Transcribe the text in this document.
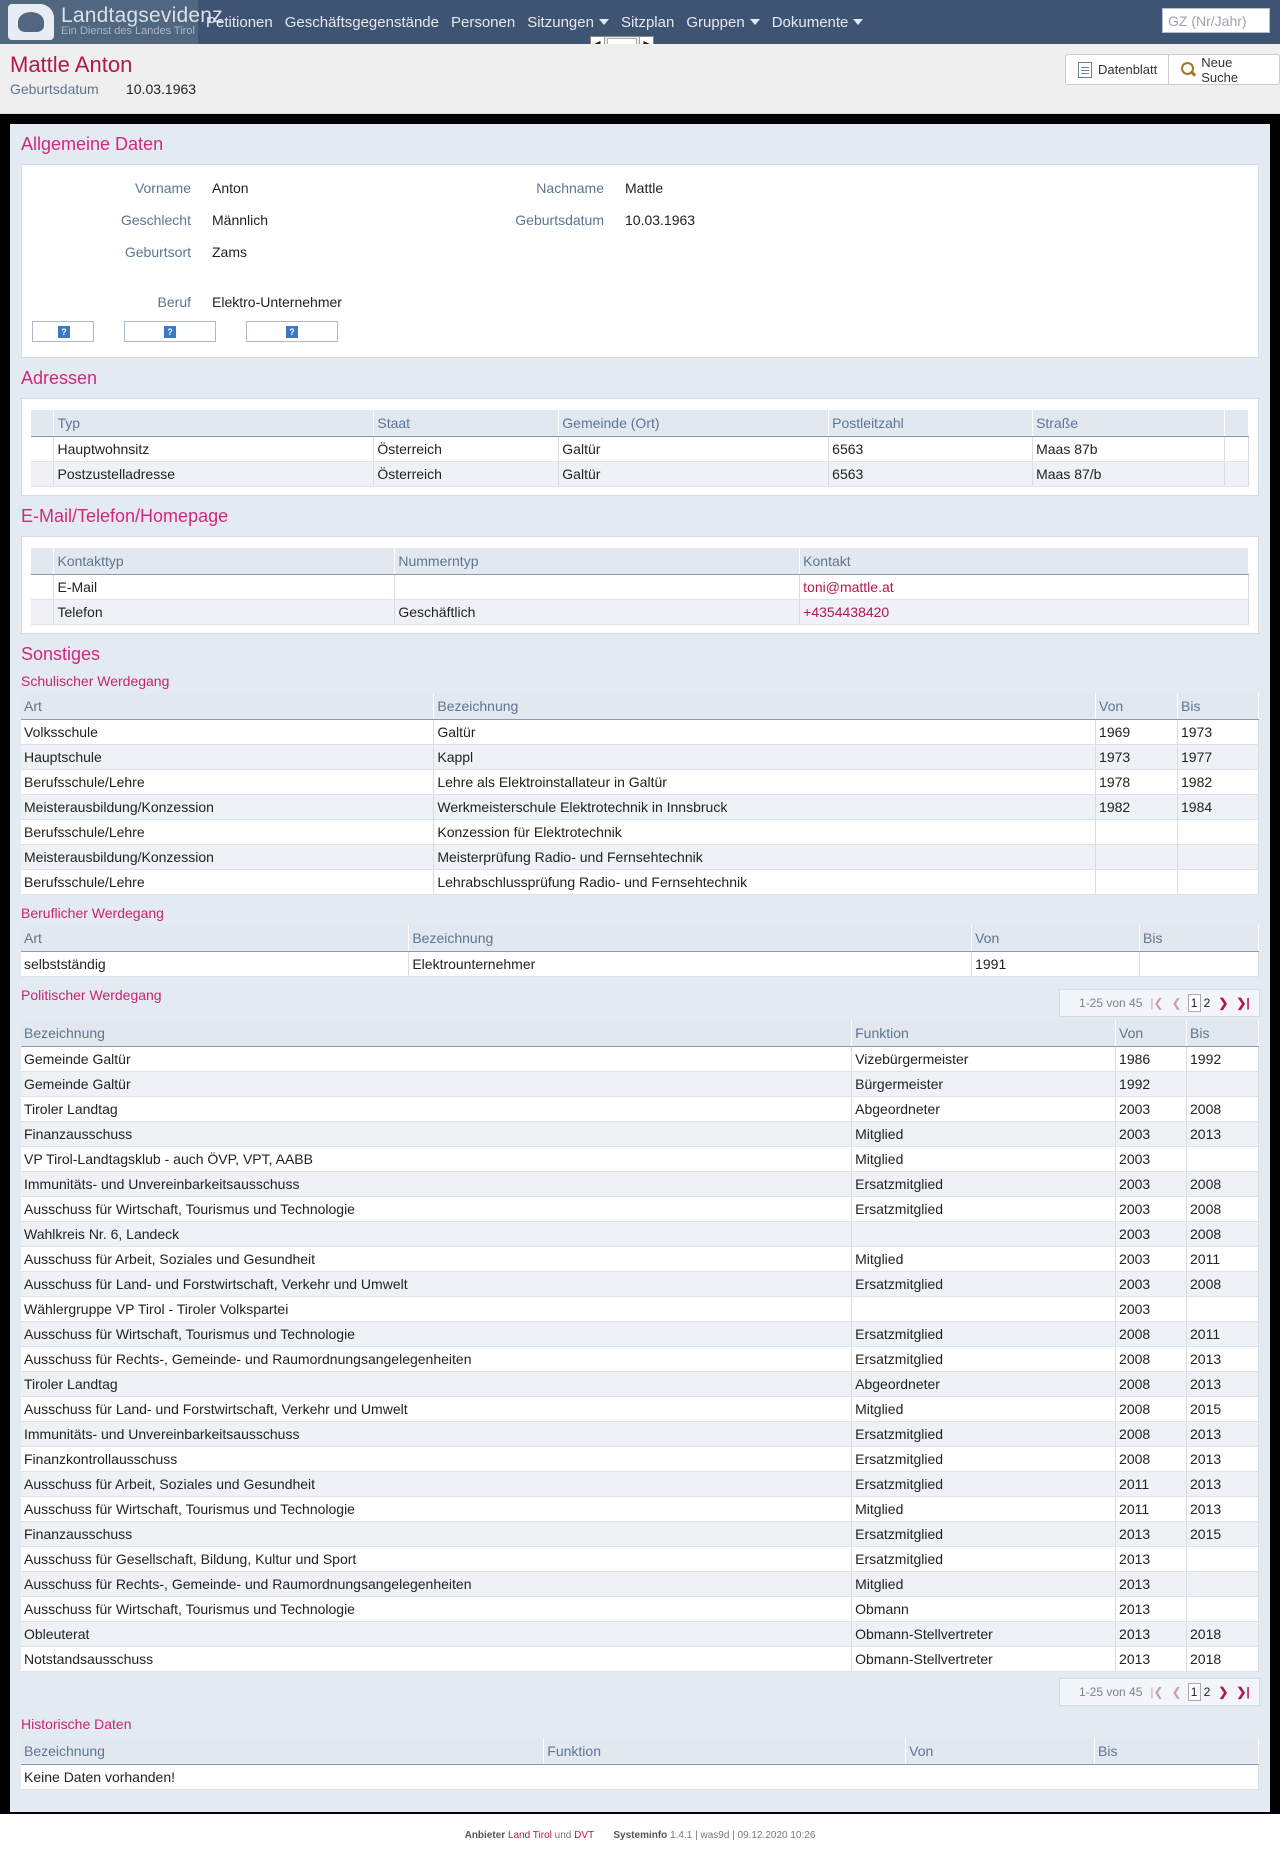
Landtagsevidenz
Ein Dienst des Landes Tirol
Petitionen Geschäftsgegenstände Personen Sitzungen Sitzplan Gruppen Dokumente
GZ (Nr/Jahr)
Mattle Anton
Geburtsdatum 10.03.1963
Datenblatt	Neue Suche
Allgemeine Daten
Vorname Anton	Nachname Mattle
Geschlecht Männlich	Geburtsdatum 10.03.1963
Geburtsort Zams
Beruf Elektro-Unternehmer
?	?	?
Adressen
	Typ	Staat	Gemeinde (Ort)	Postleitzahl	Straße	
	Hauptwohnsitz	Österreich	Galtür	6563	Maas 87b	
	Postzustelladresse	Österreich	Galtür	6563	Maas 87/b	
E-Mail/Telefon/Homepage
	Kontakttyp	Nummerntyp	Kontakt
	E-Mail		toni@mattle.at
	Telefon	Geschäftlich	+4354438420
Sonstiges
Schulischer Werdegang
Art	Bezeichnung	Von	Bis
Volksschule	Galtür	1969	1973
Hauptschule	Kappl	1973	1977
Berufsschule/Lehre	Lehre als Elektroinstallateur in Galtür	1978	1982
Meisterausbildung/Konzession	Werkmeisterschule Elektrotechnik in Innsbruck	1982	1984
Berufsschule/Lehre	Konzession für Elektrotechnik		
Meisterausbildung/Konzession	Meisterprüfung Radio- und Fernsehtechnik		
Berufsschule/Lehre	Lehrabschlussprüfung Radio- und Fernsehtechnik		
Beruflicher Werdegang
Art	Bezeichnung	Von	Bis
selbstständig	Elektrounternehmer	1991	
Politischer Werdegang	1-25 von 45 |❮ ❮ 1 2 ❯ ❯|
Bezeichnung	Funktion	Von	Bis
Gemeinde Galtür	Vizebürgermeister	1986	1992
Gemeinde Galtür	Bürgermeister	1992	
Tiroler Landtag	Abgeordneter	2003	2008
Finanzausschuss	Mitglied	2003	2013
VP Tirol-Landtagsklub - auch ÖVP, VPT, AABB	Mitglied	2003	
Immunitäts- und Unvereinbarkeitsausschuss	Ersatzmitglied	2003	2008
Ausschuss für Wirtschaft, Tourismus und Technologie	Ersatzmitglied	2003	2008
Wahlkreis Nr. 6, Landeck		2003	2008
Ausschuss für Arbeit, Soziales und Gesundheit	Mitglied	2003	2011
Ausschuss für Land- und Forstwirtschaft, Verkehr und Umwelt	Ersatzmitglied	2003	2008
Wählergruppe VP Tirol - Tiroler Volkspartei		2003	
Ausschuss für Wirtschaft, Tourismus und Technologie	Ersatzmitglied	2008	2011
Ausschuss für Rechts-, Gemeinde- und Raumordnungsangelegenheiten	Ersatzmitglied	2008	2013
Tiroler Landtag	Abgeordneter	2008	2013
Ausschuss für Land- und Forstwirtschaft, Verkehr und Umwelt	Mitglied	2008	2015
Immunitäts- und Unvereinbarkeitsausschuss	Ersatzmitglied	2008	2013
Finanzkontrollausschuss	Ersatzmitglied	2008	2013
Ausschuss für Arbeit, Soziales und Gesundheit	Ersatzmitglied	2011	2013
Ausschuss für Wirtschaft, Tourismus und Technologie	Mitglied	2011	2013
Finanzausschuss	Ersatzmitglied	2013	2015
Ausschuss für Gesellschaft, Bildung, Kultur und Sport	Ersatzmitglied	2013	
Ausschuss für Rechts-, Gemeinde- und Raumordnungsangelegenheiten	Mitglied	2013	
Ausschuss für Wirtschaft, Tourismus und Technologie	Obmann	2013	
Obleuterat	Obmann-Stellvertreter	2013	2018
Notstandsausschuss	Obmann-Stellvertreter	2013	2018
1-25 von 45 |❮ ❮ 1 2 ❯ ❯|
Historische Daten
Bezeichnung	Funktion	Von	Bis
Keine Daten vorhanden!
Anbieter Land Tirol und DVT Systeminfo 1.4.1 | was9d | 09.12.2020 10:26
